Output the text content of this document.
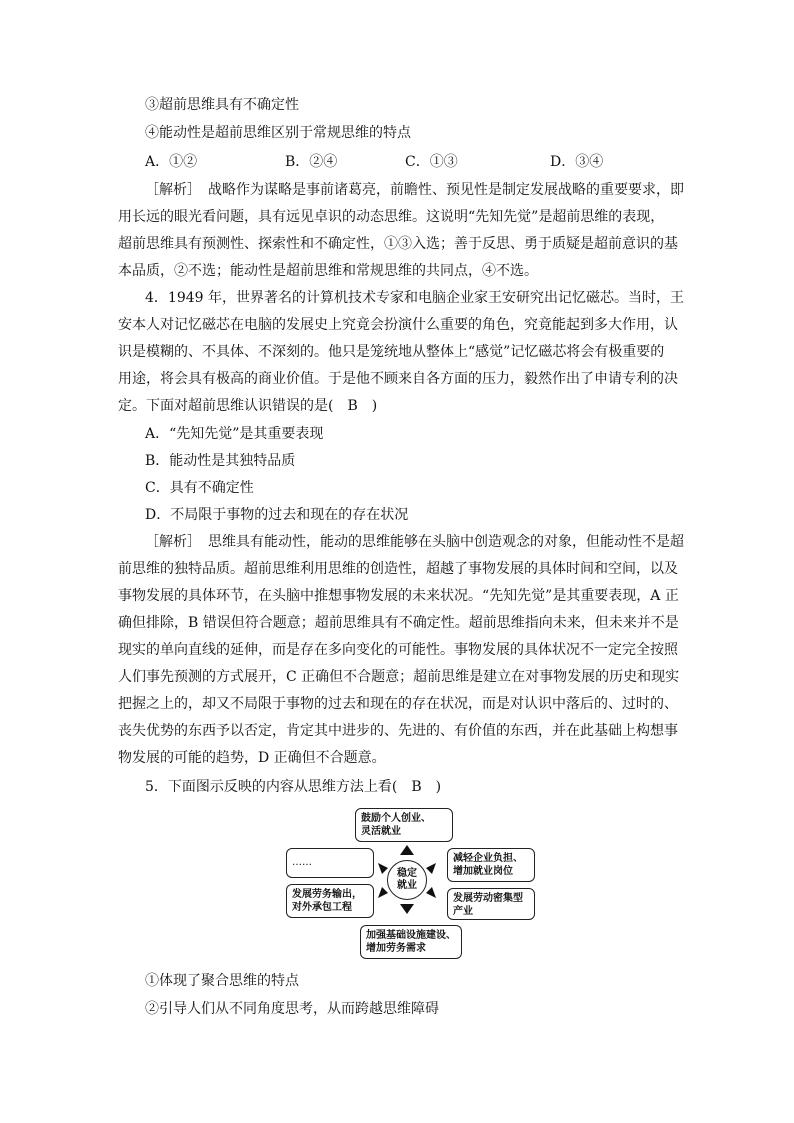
③超前思维具有不确定性
④能动性是超前思维区别于常规思维的特点
A．①②	B．②④	C．①③	D．③④
［解析］　战略作为谋略是事前诸葛亮，前瞻性、预见性是制定发展战略的重要要求，即
用长远的眼光看问题，具有远见卓识的动态思维。这说明“先知先觉”是超前思维的表现，
超前思维具有预测性、探索性和不确定性，①③入选；善于反思、勇于质疑是超前意识的基
本品质，②不选；能动性是超前思维和常规思维的共同点，④不选。
4．1949 年，世界著名的计算机技术专家和电脑企业家王安研究出记忆磁芯。当时，王
安本人对记忆磁芯在电脑的发展史上究竟会扮演什么重要的角色，究竟能起到多大作用，认
识是模糊的、不具体、不深刻的。他只是笼统地从整体上“感觉”记忆磁芯将会有极重要的
用途，将会具有极高的商业价值。于是他不顾来自各方面的压力，毅然作出了申请专利的决
定。下面对超前思维认识错误的是(　B　)
A．“先知先觉”是其重要表现
B．能动性是其独特品质
C．具有不确定性
D．不局限于事物的过去和现在的存在状况
［解析］　思维具有能动性，能动的思维能够在头脑中创造观念的对象，但能动性不是超
前思维的独特品质。超前思维利用思维的创造性，超越了事物发展的具体时间和空间，以及
事物发展的具体环节，在头脑中推想事物发展的未来状况。“先知先觉”是其重要表现，A 正
确但排除，B 错误但符合题意；超前思维具有不确定性。超前思维指向未来，但未来并不是
现实的单向直线的延伸，而是存在多向变化的可能性。事物发展的具体状况不一定完全按照
人们事先预测的方式展开，C 正确但不合题意；超前思维是建立在对事物发展的历史和现实
把握之上的，却又不局限于事物的过去和现在的存在状况，而是对认识中落后的、过时的、
丧失优势的东西予以否定，肯定其中进步的、先进的、有价值的东西，并在此基础上构想事
物发展的可能的趋势，D 正确但不合题意。
5．下面图示反映的内容从思维方法上看(　B　)
鼓励个人创业、
灵活就业
……	减轻企业负担、
增加就业岗位
稳定
就业
发展劳务输出，
对外承包工程
发展劳动密集型
产业
加强基础设施建设、
增加劳务需求
①体现了聚合思维的特点
②引导人们从不同角度思考，从而跨越思维障碍
